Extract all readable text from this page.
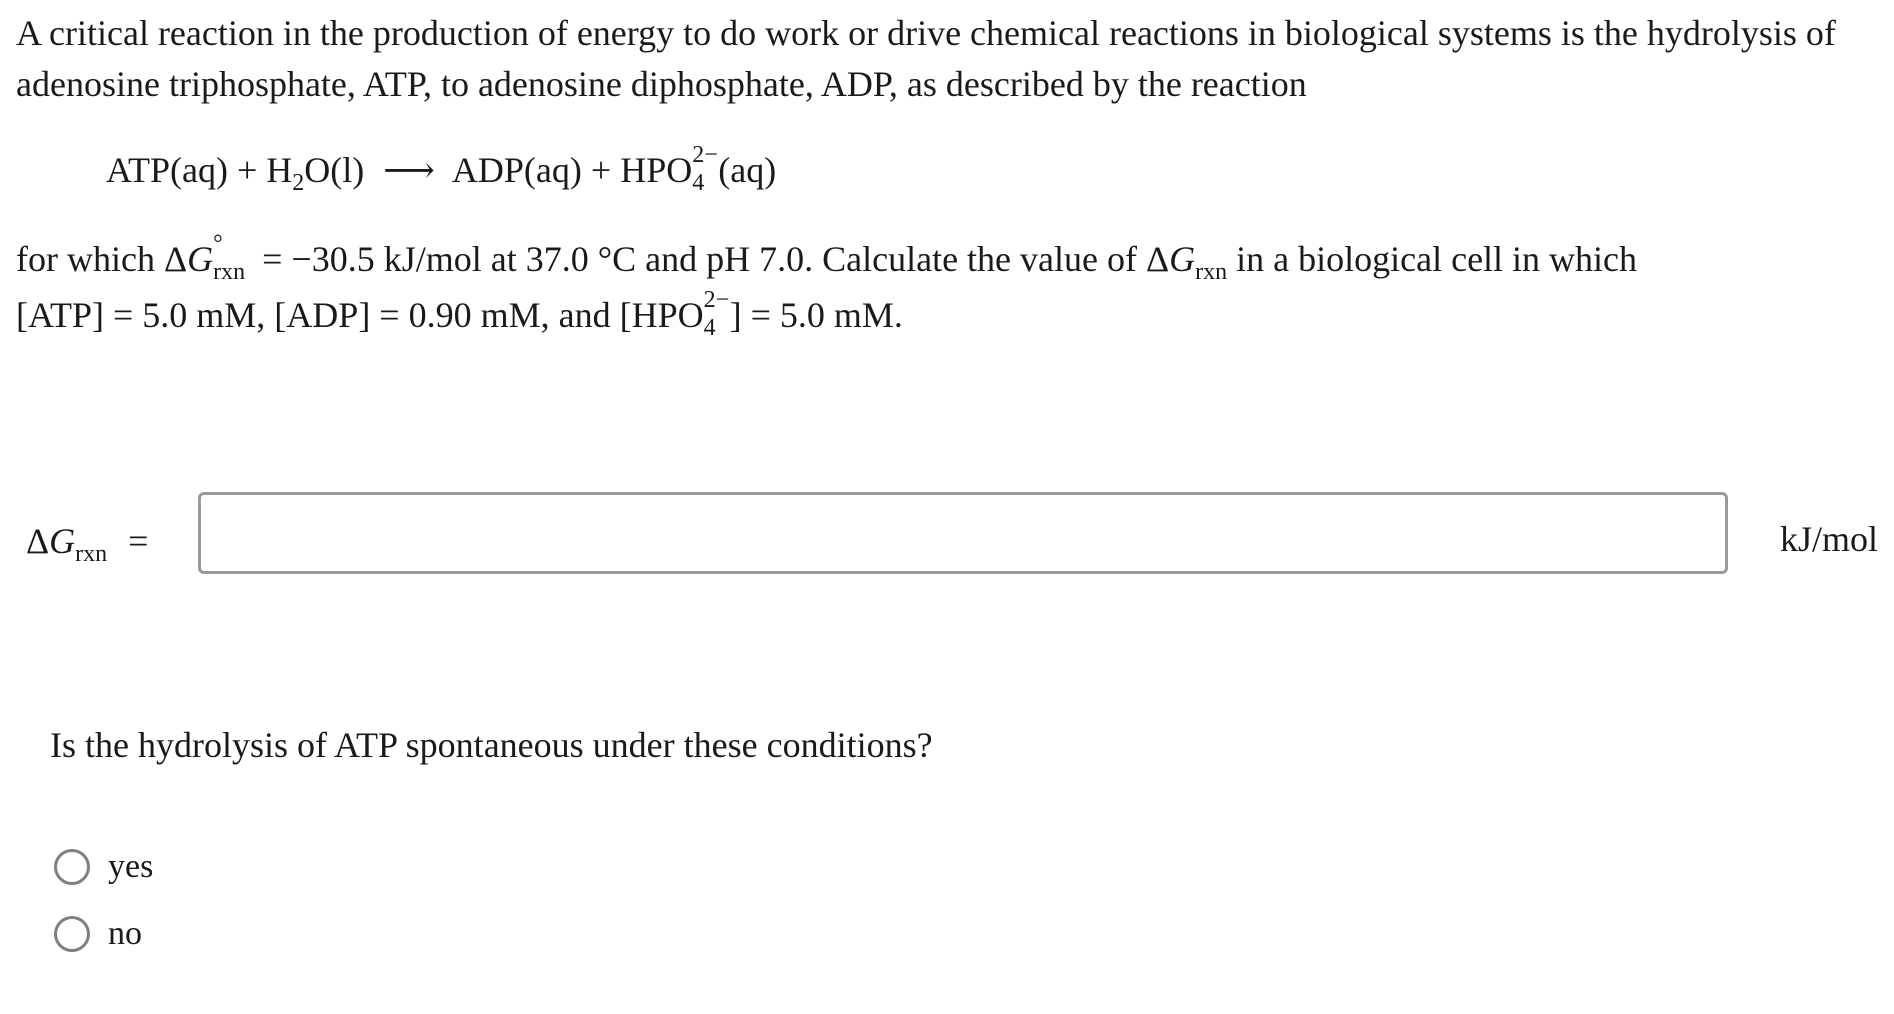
A critical reaction in the production of energy to do work or drive chemical reactions in biological systems is the hydrolysis of adenosine triphosphate, ATP, to adenosine diphosphate, ADP, as described by the reaction
$ATP(aq) + H_2O(l)$ ⟶ ADP(aq) + HPO 2−
4 (aq)
for which ΔG °
rxn = −30.5 kJ/mol at 37.0 °C and pH 7.0. Calculate the value of $\Delta G_{rxn}$ in a biological cell in which
[ATP] = 5.0 mM, [ADP] = 0.90 mM, and [HPO 2−
4 ] = 5.0 mM.
$\Delta G_{rxn}$ =	kJ/mol
Is the hydrolysis of ATP spontaneous under these conditions?
yes
no
